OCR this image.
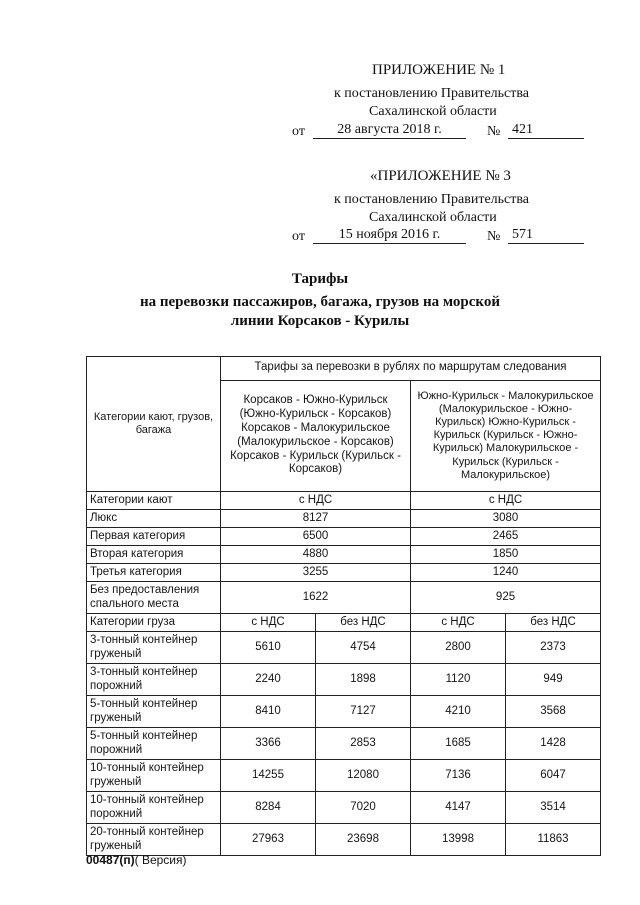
ПРИЛОЖЕНИЕ № 1
к постановлению Правительства
Сахалинской области
от	28 августа 2018 г.	№ 421
«ПРИЛОЖЕНИЕ № 3
к постановлению Правительства
Сахалинской области
от	15 ноября 2016 г.	№ 571
Тарифы
на перевозки пассажиров, багажа, грузов на морской
линии Корсаков - Курилы
Категории кают, грузов, багажа	Тарифы за перевозки в рублях по маршрутам следования			
	Корсаков - Южно-Курильск (Южно-Курильск - Корсаков) Корсаков - Малокурильское (Малокурильское - Корсаков) Корсаков - Курильск (Курильск - Корсаков)		Южно-Курильск - Малокурильское (Малокурильское - Южно-Курильск) Южно-Курильск - Курильск (Курильск - Южно-Курильск) Малокурильское - Курильск (Курильск - Малокурильское)	
Категории кают	с НДС		с НДС	
Люкс	8127		3080	
Первая категория	6500		2465	
Вторая категория	4880		1850	
Третья категория	3255		1240	
Без предоставления спального места	1622		925	
Категории груза	с НДС	без НДС	с НДС	без НДС
3-тонный контейнер груженый	5610	4754	2800	2373
3-тонный контейнер порожний	2240	1898	1120	949
5-тонный контейнер груженый	8410	7127	4210	3568
5-тонный контейнер порожний	3366	2853	1685	1428
10-тонный контейнер груженый	14255	12080	7136	6047
10-тонный контейнер порожний	8284	7020	4147	3514
20-тонный контейнер груженый	27963	23698	13998	11863
00487(п)( Версия)
